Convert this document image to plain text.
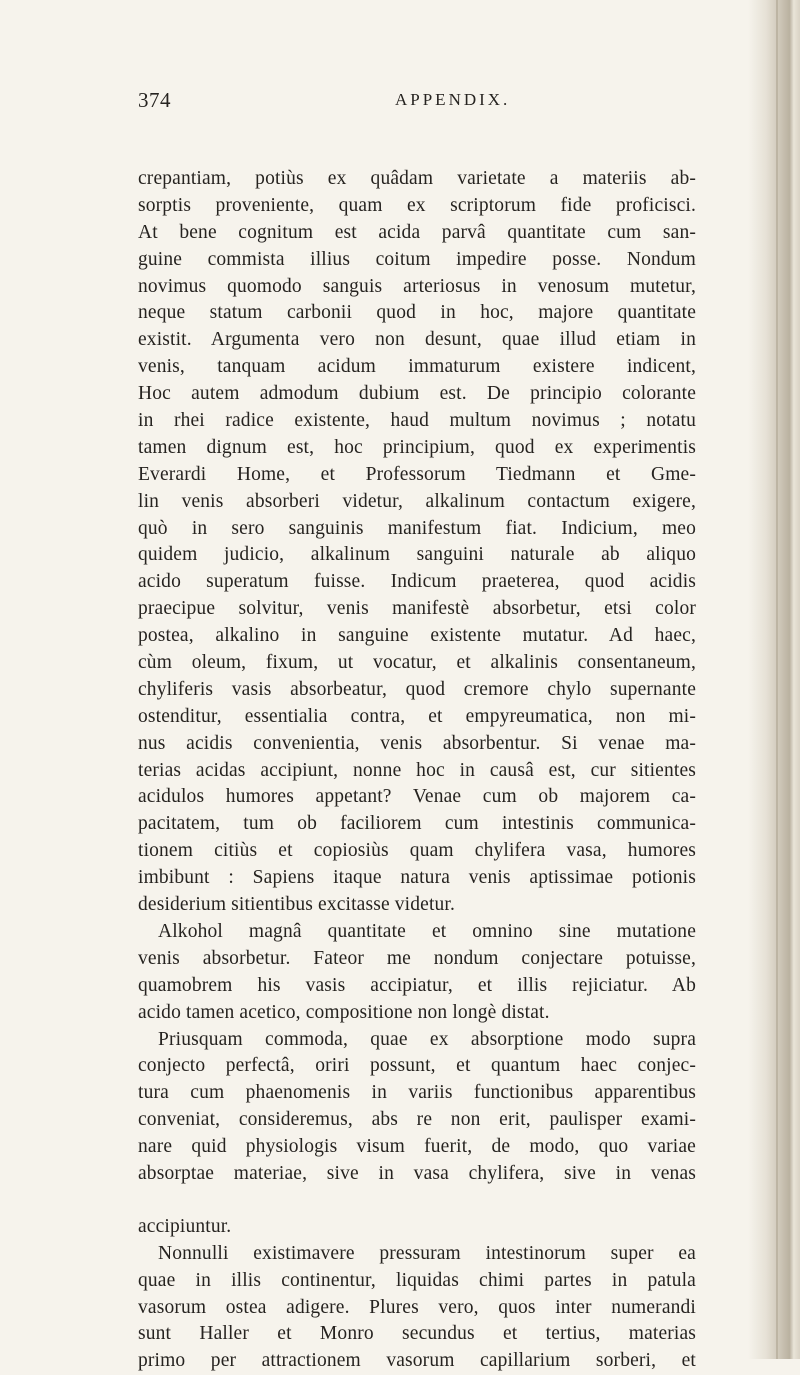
374	APPENDIX.
crepantiam, potiùs ex quâdam varietate a materiis ab-
sorptis proveniente, quam ex scriptorum fide proficisci.
At bene cognitum est acida parvâ quantitate cum san-
guine commista illius coitum impedire posse. Nondum
novimus quomodo sanguis arteriosus in venosum mutetur,
neque statum carbonii quod in hoc, majore quantitate
existit. Argumenta vero non desunt, quae illud etiam in
venis, tanquam acidum immaturum existere indicent,
Hoc autem admodum dubium est. De principio colorante
in rhei radice existente, haud multum novimus ; notatu
tamen dignum est, hoc principium, quod ex experimentis
Everardi Home, et Professorum Tiedmann et Gme-
lin venis absorberi videtur, alkalinum contactum exigere,
quò in sero sanguinis manifestum fiat. Indicium, meo
quidem judicio, alkalinum sanguini naturale ab aliquo
acido superatum fuisse. Indicum praeterea, quod acidis
praecipue solvitur, venis manifestè absorbetur, etsi color
postea, alkalino in sanguine existente mutatur. Ad haec,
cùm oleum, fixum, ut vocatur, et alkalinis consentaneum,
chyliferis vasis absorbeatur, quod cremore chylo supernante
ostenditur, essentialia contra, et empyreumatica, non mi-
nus acidis convenientia, venis absorbentur. Si venae ma-
terias acidas accipiunt, nonne hoc in causâ est, cur sitientes
acidulos humores appetant? Venae cum ob majorem ca-
pacitatem, tum ob faciliorem cum intestinis communica-
tionem citiùs et copiosiùs quam chylifera vasa, humores
imbibunt : Sapiens itaque natura venis aptissimae potionis
desiderium sitientibus excitasse videtur.
Alkohol magnâ quantitate et omnino sine mutatione
venis absorbetur. Fateor me nondum conjectare potuisse,
quamobrem his vasis accipiatur, et illis rejiciatur. Ab
acido tamen acetico, compositione non longè distat.
Priusquam commoda, quae ex absorptione modo supra
conjecto perfectâ, oriri possunt, et quantum haec conjec-
tura cum phaenomenis in variis functionibus apparentibus
conveniat, consideremus, abs re non erit, paulisper exami-
nare quid physiologis visum fuerit, de modo, quo variae
absorptae materiae, sive in vasa chylifera, sive in venas
accipiuntur.
Nonnulli existimavere pressuram intestinorum super ea
quae in illis continentur, liquidas chimi partes in patula
vasorum ostea adigere. Plures vero, quos inter numerandi
sunt Haller et Monro secundus et tertius, materias
primo per attractionem vasorum capillarium sorberi, et
